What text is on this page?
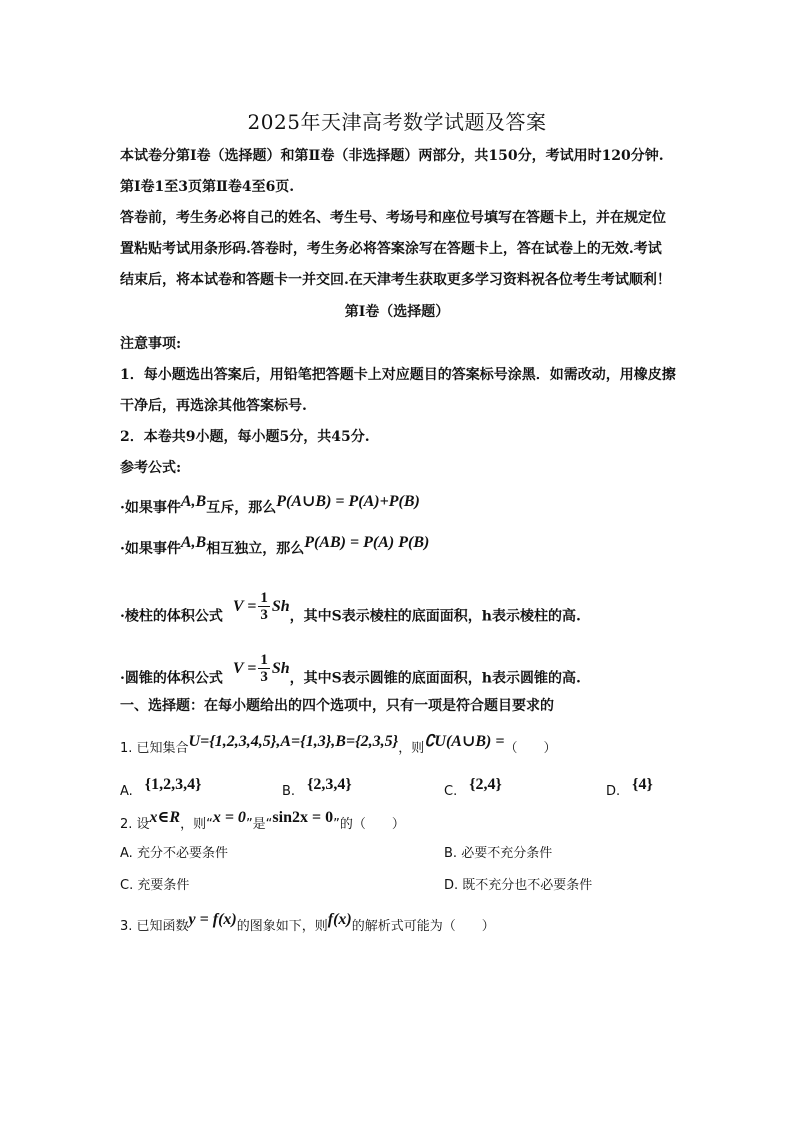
2025年天津高考数学试题及答案
本试卷分第Ⅰ卷（选择题）和第Ⅱ卷（非选择题）两部分，共150分，考试用时120分钟.
第Ⅰ卷1至3页第Ⅱ卷4至6页.
答卷前，考生务必将自己的姓名、考生号、考场号和座位号填写在答题卡上，并在规定位
置粘贴考试用条形码.答卷时，考生务必将答案涂写在答题卡上，答在试卷上的无效.考试
结束后，将本试卷和答题卡一并交回.在天津考生获取更多学习资料祝各位考生考试顺利！
第Ⅰ卷（选择题）
注意事项:
1．每小题选出答案后，用铅笔把答题卡上对应题目的答案标号涂黑．如需改动，用橡皮擦
干净后，再选涂其他答案标号.
2．本卷共9小题，每小题5分，共45分.
参考公式:
·如果事件A,B互斥，那么P(A∪B) = P(A)+P(B)
·如果事件A,B相互独立，那么P(AB) = P(A) P(B)
·棱柱的体积公式$V = \frac{1}{3}$ Sh，其中S表示棱柱的底面面积，h表示棱柱的高.
·圆锥的体积公式$V = \frac{1}{3}$ Sh，其中S表示圆锥的底面面积，h表示圆锥的高.
一、选择题：在每小题给出的四个选项中，只有一项是符合题目要求的
1. 已知集合U={1,2,3,4,5},A={1,3},B={2,3,5}，则∁U(A∪B) =（　　）
A. {1,2,3,4}	B. {2,3,4}	C. {2,4}	D. {4}
2. 设x∈R，则“x = 0”是“sin2x = 0”的（　　）
A. 充分不必要条件	B. 必要不充分条件
C. 充要条件	D. 既不充分也不必要条件
3. 已知函数y = f(x)的图象如下，则f(x)的解析式可能为（　　）
